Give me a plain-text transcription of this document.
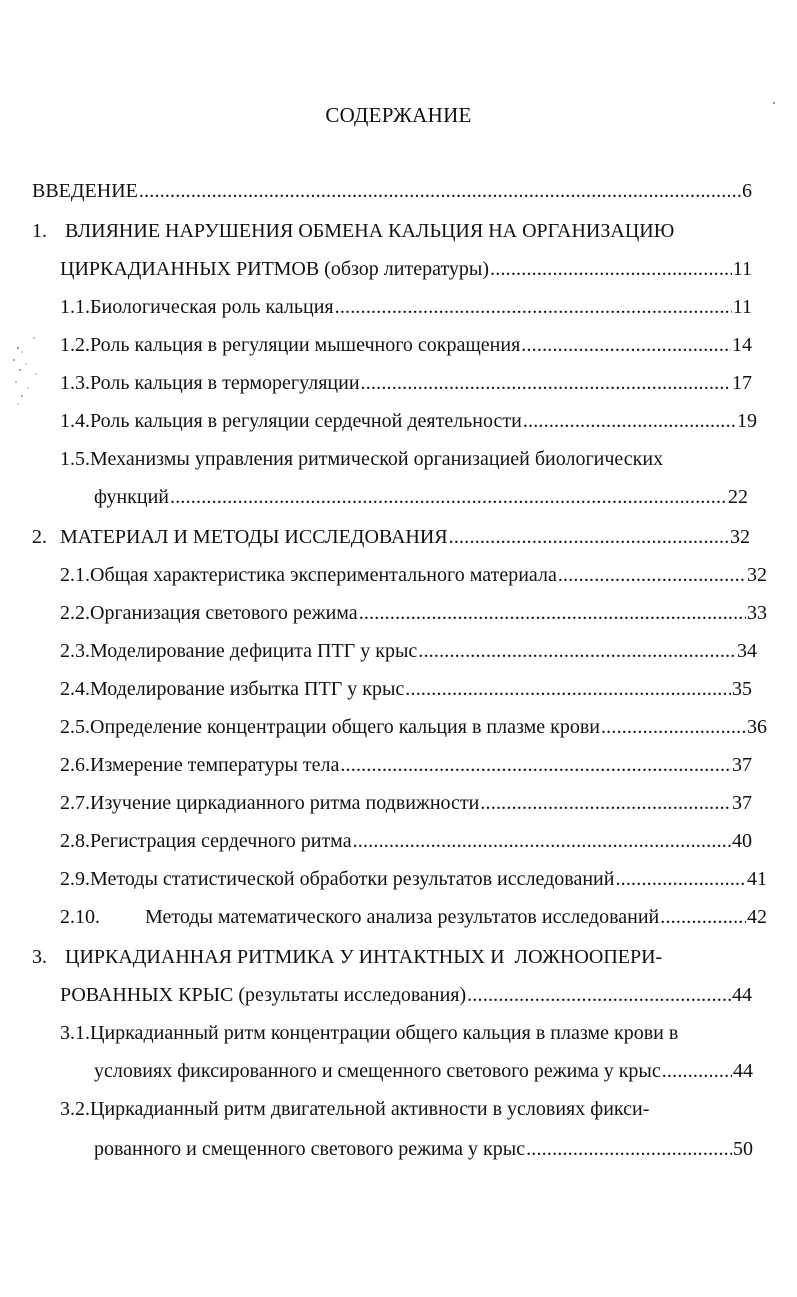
СОДЕРЖАНИЕ
ВВЕДЕНИЕ .....	6
1. ВЛИЯНИЕ НАРУШЕНИЯ ОБМЕНА КАЛЬЦИЯ НА ОРГАНИЗАЦИЮ
ЦИРКАДИАННЫХ РИТМОВ (обзор литературы) .....	11
1.1.Биологическая роль кальция .....	11
1.2.Роль кальция в регуляции мышечного сокращения .....	14
1.3.Роль кальция в терморегуляции .....	17
1.4.Роль кальция в регуляции сердечной деятельности .....	19
1.5.Механизмы управления ритмической организацией биологических
функций .....	22
2. МАТЕРИАЛ И МЕТОДЫ ИССЛЕДОВАНИЯ .....	32
2.1.Общая характеристика экспериментального материала .....	32
2.2.Организация светового режима .....	33
2.3.Моделирование дефицита ПТГ у крыс .....	34
2.4.Моделирование избытка ПТГ у крыс .....	35
2.5.Определение концентрации общего кальция в плазме крови .....	36
2.6.Измерение температуры тела .....	37
2.7.Изучение циркадианного ритма подвижности .....	37
2.8.Регистрация сердечного ритма .....	40
2.9.Методы статистической обработки результатов исследований .....	41
2.10. Методы математического анализа результатов исследований .....	42
3. ЦИРКАДИАННАЯ РИТМИКА У ИНТАКТНЫХ И  ЛОЖНООПЕРИ-
РОВАННЫХ КРЫС (результаты исследования) .....	44
3.1.Циркадианный ритм концентрации общего кальция в плазме крови в
условиях фиксированного и смещенного светового режима у крыс .....	44
3.2.Циркадианный ритм двигательной активности в условиях фикси-
рованного и смещенного светового режима у крыс .....	50
